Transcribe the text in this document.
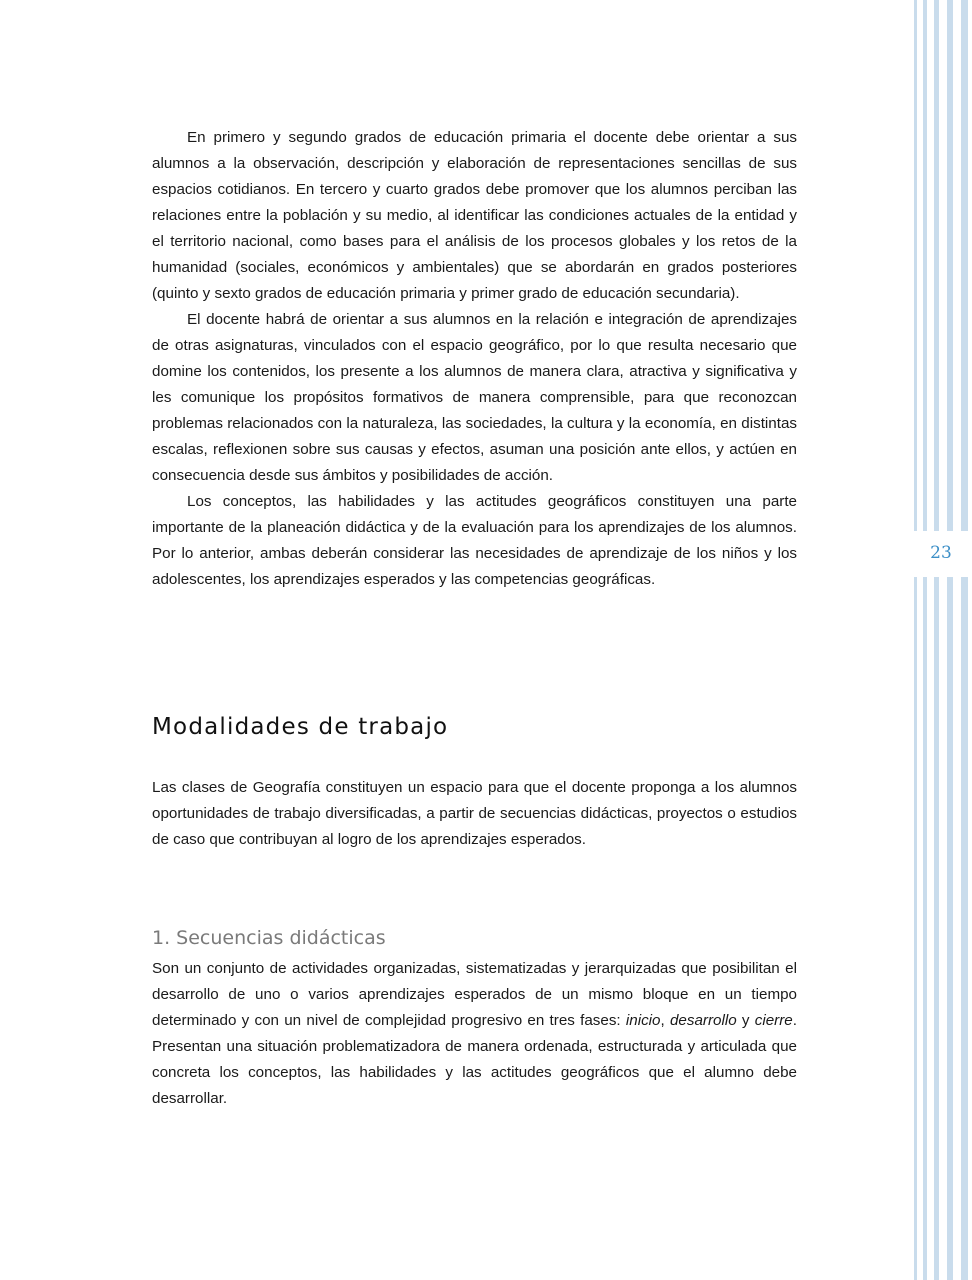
23

En primero y segundo grados de educación primaria el docente debe orientar a sus alumnos a la observación, descripción y elaboración de representaciones sencillas de sus espacios cotidianos. En tercero y cuarto grados debe promover que los alumnos perciban las relaciones entre la población y su medio, al identificar las condiciones actuales de la entidad y el territorio nacional, como bases para el análisis de los procesos globales y los retos de la humanidad (sociales, económicos y ambientales) que se abordarán en grados posteriores (quinto y sexto grados de educación primaria y primer grado de educación secundaria).

El docente habrá de orientar a sus alumnos en la relación e integración de aprendizajes de otras asignaturas, vinculados con el espacio geográfico, por lo que resulta necesario que domine los contenidos, los presente a los alumnos de manera clara, atractiva y significativa y les comunique los propósitos formativos de manera comprensible, para que reconozcan problemas relacionados con la naturaleza, las sociedades, la cultura y la economía, en distintas escalas, reflexionen sobre sus causas y efectos, asuman una posición ante ellos, y actúen en consecuencia desde sus ámbitos y posibilidades de acción.

Los conceptos, las habilidades y las actitudes geográficos constituyen una parte importante de la planeación didáctica y de la evaluación para los aprendizajes de los alumnos. Por lo anterior, ambas deberán considerar las necesidades de aprendizaje de los niños y los adolescentes, los aprendizajes esperados y las competencias geográficas.

Modalidades de trabajo

Las clases de Geografía constituyen un espacio para que el docente proponga a los alumnos oportunidades de trabajo diversificadas, a partir de secuencias didácticas, proyectos o estudios de caso que contribuyan al logro de los aprendizajes esperados.

1. Secuencias didácticas

Son un conjunto de actividades organizadas, sistematizadas y jerarquizadas que posibilitan el desarrollo de uno o varios aprendizajes esperados de un mismo bloque en un tiempo determinado y con un nivel de complejidad progresivo en tres fases: inicio, desarrollo y cierre. Presentan una situación problematizadora de manera ordenada, estructurada y articulada que concreta los conceptos, las habilidades y las actitudes geográficos que el alumno debe desarrollar.
